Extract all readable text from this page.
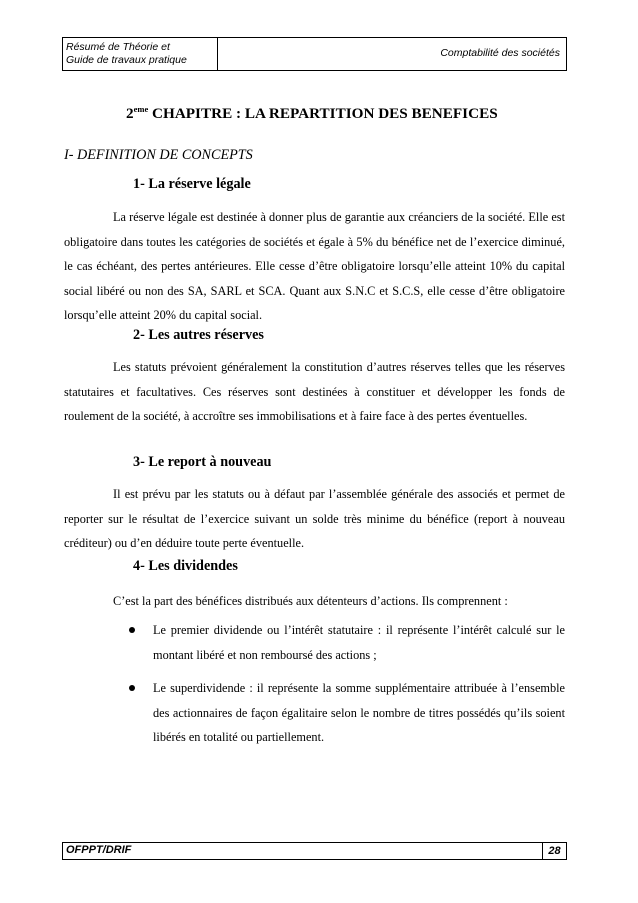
Résumé de Théorie et
Guide de travaux pratique
Comptabilité des sociétés
2eme CHAPITRE : LA REPARTITION DES BENEFICES
I- DEFINITION DE CONCEPTS
1- La réserve légale

La réserve légale est destinée à donner plus de garantie aux créanciers de la société. Elle est obligatoire dans toutes les catégories de sociétés et égale à 5% du bénéfice net de l’exercice diminué, le cas échéant, des pertes antérieures. Elle cesse d’être obligatoire lorsqu’elle atteint 10% du capital social libéré ou non des SA, SARL et SCA. Quant aux S.N.C et S.C.S, elle cesse d’être obligatoire lorsqu’elle atteint 20% du capital social.

2- Les autres réserves

Les statuts prévoient généralement la constitution d’autres réserves telles que les réserves statutaires et facultatives. Ces réserves sont destinées à constituer et développer les fonds de roulement de la société, à accroître ses immobilisations et à faire face à des pertes éventuelles.

3- Le report à nouveau

Il est prévu par les statuts ou à défaut par l’assemblée générale des associés et permet de reporter sur le résultat de l’exercice suivant un solde très minime du bénéfice (report à nouveau créditeur) ou d’en déduire toute perte éventuelle.

4- Les dividendes
C’est la part des bénéfices distribués aux détenteurs d’actions. Ils comprennent :
Le premier dividende ou l’intérêt statutaire : il représente l’intérêt calculé sur le montant libéré et non remboursé des actions ;
Le superdividende : il représente la somme supplémentaire attribuée à l’ensemble des actionnaires de façon égalitaire selon le nombre de titres possédés qu’ils soient libérés en totalité ou partiellement.
OFPPT/DRIF	28
